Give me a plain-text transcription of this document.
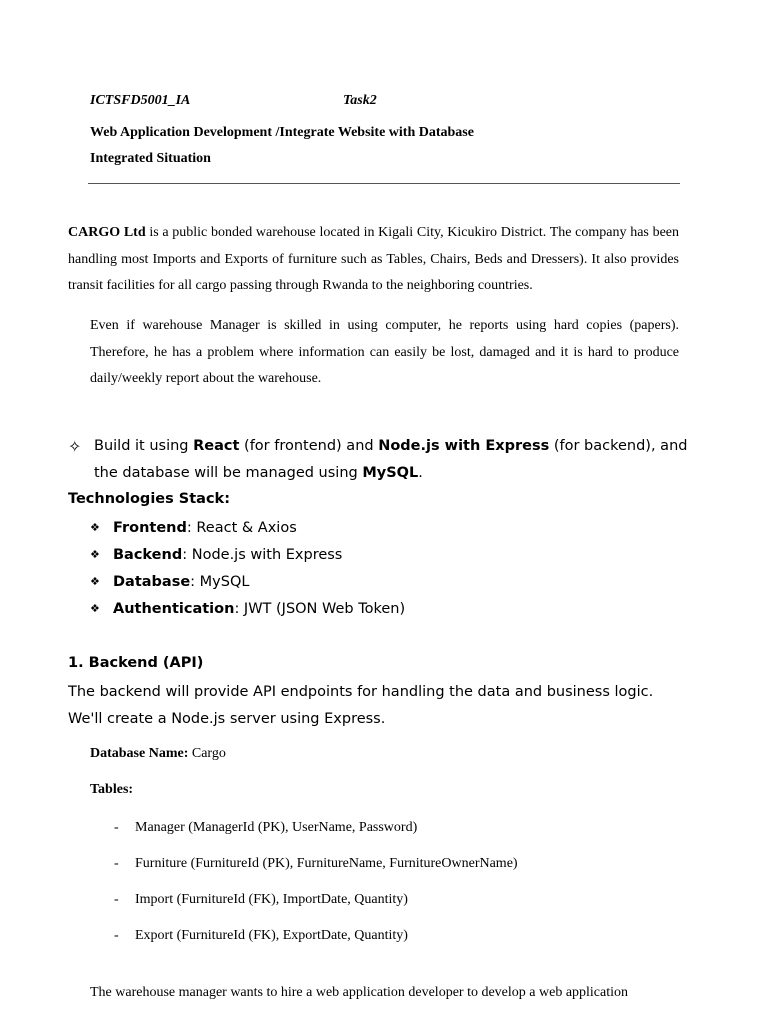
ICTSFD5001_IA	Task2
Web Application Development /Integrate Website with Database
Integrated Situation

CARGO Ltd is a public bonded warehouse located in Kigali City, Kicukiro District. The company has been handling most Imports and Exports of furniture such as Tables, Chairs, Beds and Dressers). It also provides transit facilities for all cargo passing through Rwanda to the neighboring countries.

Even if warehouse Manager is skilled in using computer, he reports using hard copies (papers). Therefore, he has a problem where information can easily be lost, damaged and it is hard to produce daily/weekly report about the warehouse.

✧ Build it using React (for frontend) and Node.js with Express (for backend), and the database will be managed using MySQL.
Technologies Stack:
❖ Frontend: React & Axios
❖ Backend: Node.js with Express
❖ Database: MySQL
❖ Authentication: JWT (JSON Web Token)
1. Backend (API)

The backend will provide API endpoints for handling the data and business logic. We'll create a Node.js server using Express.

Database Name: Cargo
Tables:
- Manager (ManagerId (PK), UserName, Password)
- Furniture (FurnitureId (PK), FurnitureName, FurnitureOwnerName)
- Import (FurnitureId (FK), ImportDate, Quantity)
- Export (FurnitureId (FK), ExportDate, Quantity)

The warehouse manager wants to hire a web application developer to develop a web application
